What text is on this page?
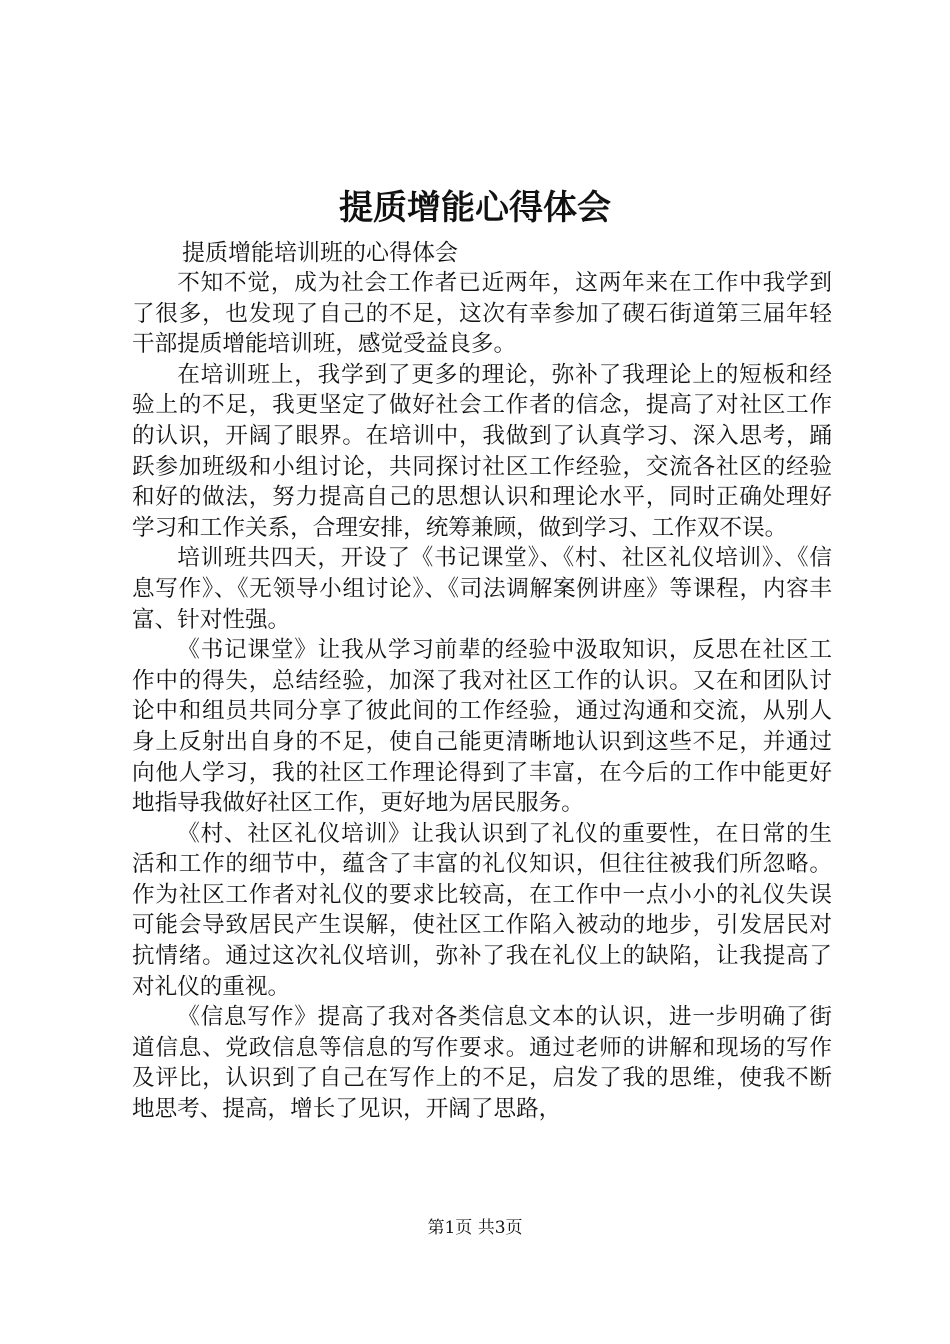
提质增能心得体会
提质增能培训班的心得体会

不知不觉，成为社会工作者已近两年，这两年来在工作中我学到了很多，也发现了自己的不足，这次有幸参加了碶石街道第三届年轻干部提质增能培训班，感觉受益良多。

在培训班上，我学到了更多的理论，弥补了我理论上的短板和经验上的不足，我更坚定了做好社会工作者的信念，提高了对社区工作的认识，开阔了眼界。在培训中，我做到了认真学习、深入思考，踊跃参加班级和小组讨论，共同探讨社区工作经验，交流各社区的经验和好的做法，努力提高自己的思想认识和理论水平，同时正确处理好学习和工作关系，合理安排，统筹兼顾，做到学习、工作双不误。

培训班共四天，开设了《书记课堂》、《村、社区礼仪培训》、《信息写作》、《无领导小组讨论》、《司法调解案例讲座》等课程，内容丰富、针对性强。

《书记课堂》让我从学习前辈的经验中汲取知识，反思在社区工作中的得失，总结经验，加深了我对社区工作的认识。又在和团队讨论中和组员共同分享了彼此间的工作经验，通过沟通和交流，从别人身上反射出自身的不足，使自己能更清晰地认识到这些不足，并通过向他人学习，我的社区工作理论得到了丰富，在今后的工作中能更好地指导我做好社区工作，更好地为居民服务。

《村、社区礼仪培训》让我认识到了礼仪的重要性，在日常的生活和工作的细节中，蕴含了丰富的礼仪知识，但往往被我们所忽略。作为社区工作者对礼仪的要求比较高，在工作中一点小小的礼仪失误可能会导致居民产生误解，使社区工作陷入被动的地步，引发居民对抗情绪。通过这次礼仪培训，弥补了我在礼仪上的缺陷，让我提高了对礼仪的重视。

《信息写作》提高了我对各类信息文本的认识，进一步明确了街道信息、党政信息等信息的写作要求。通过老师的讲解和现场的写作及评比，认识到了自己在写作上的不足，启发了我的思维，使我不断地思考、提高，增长了见识，开阔了思路，

第1页 共3页
